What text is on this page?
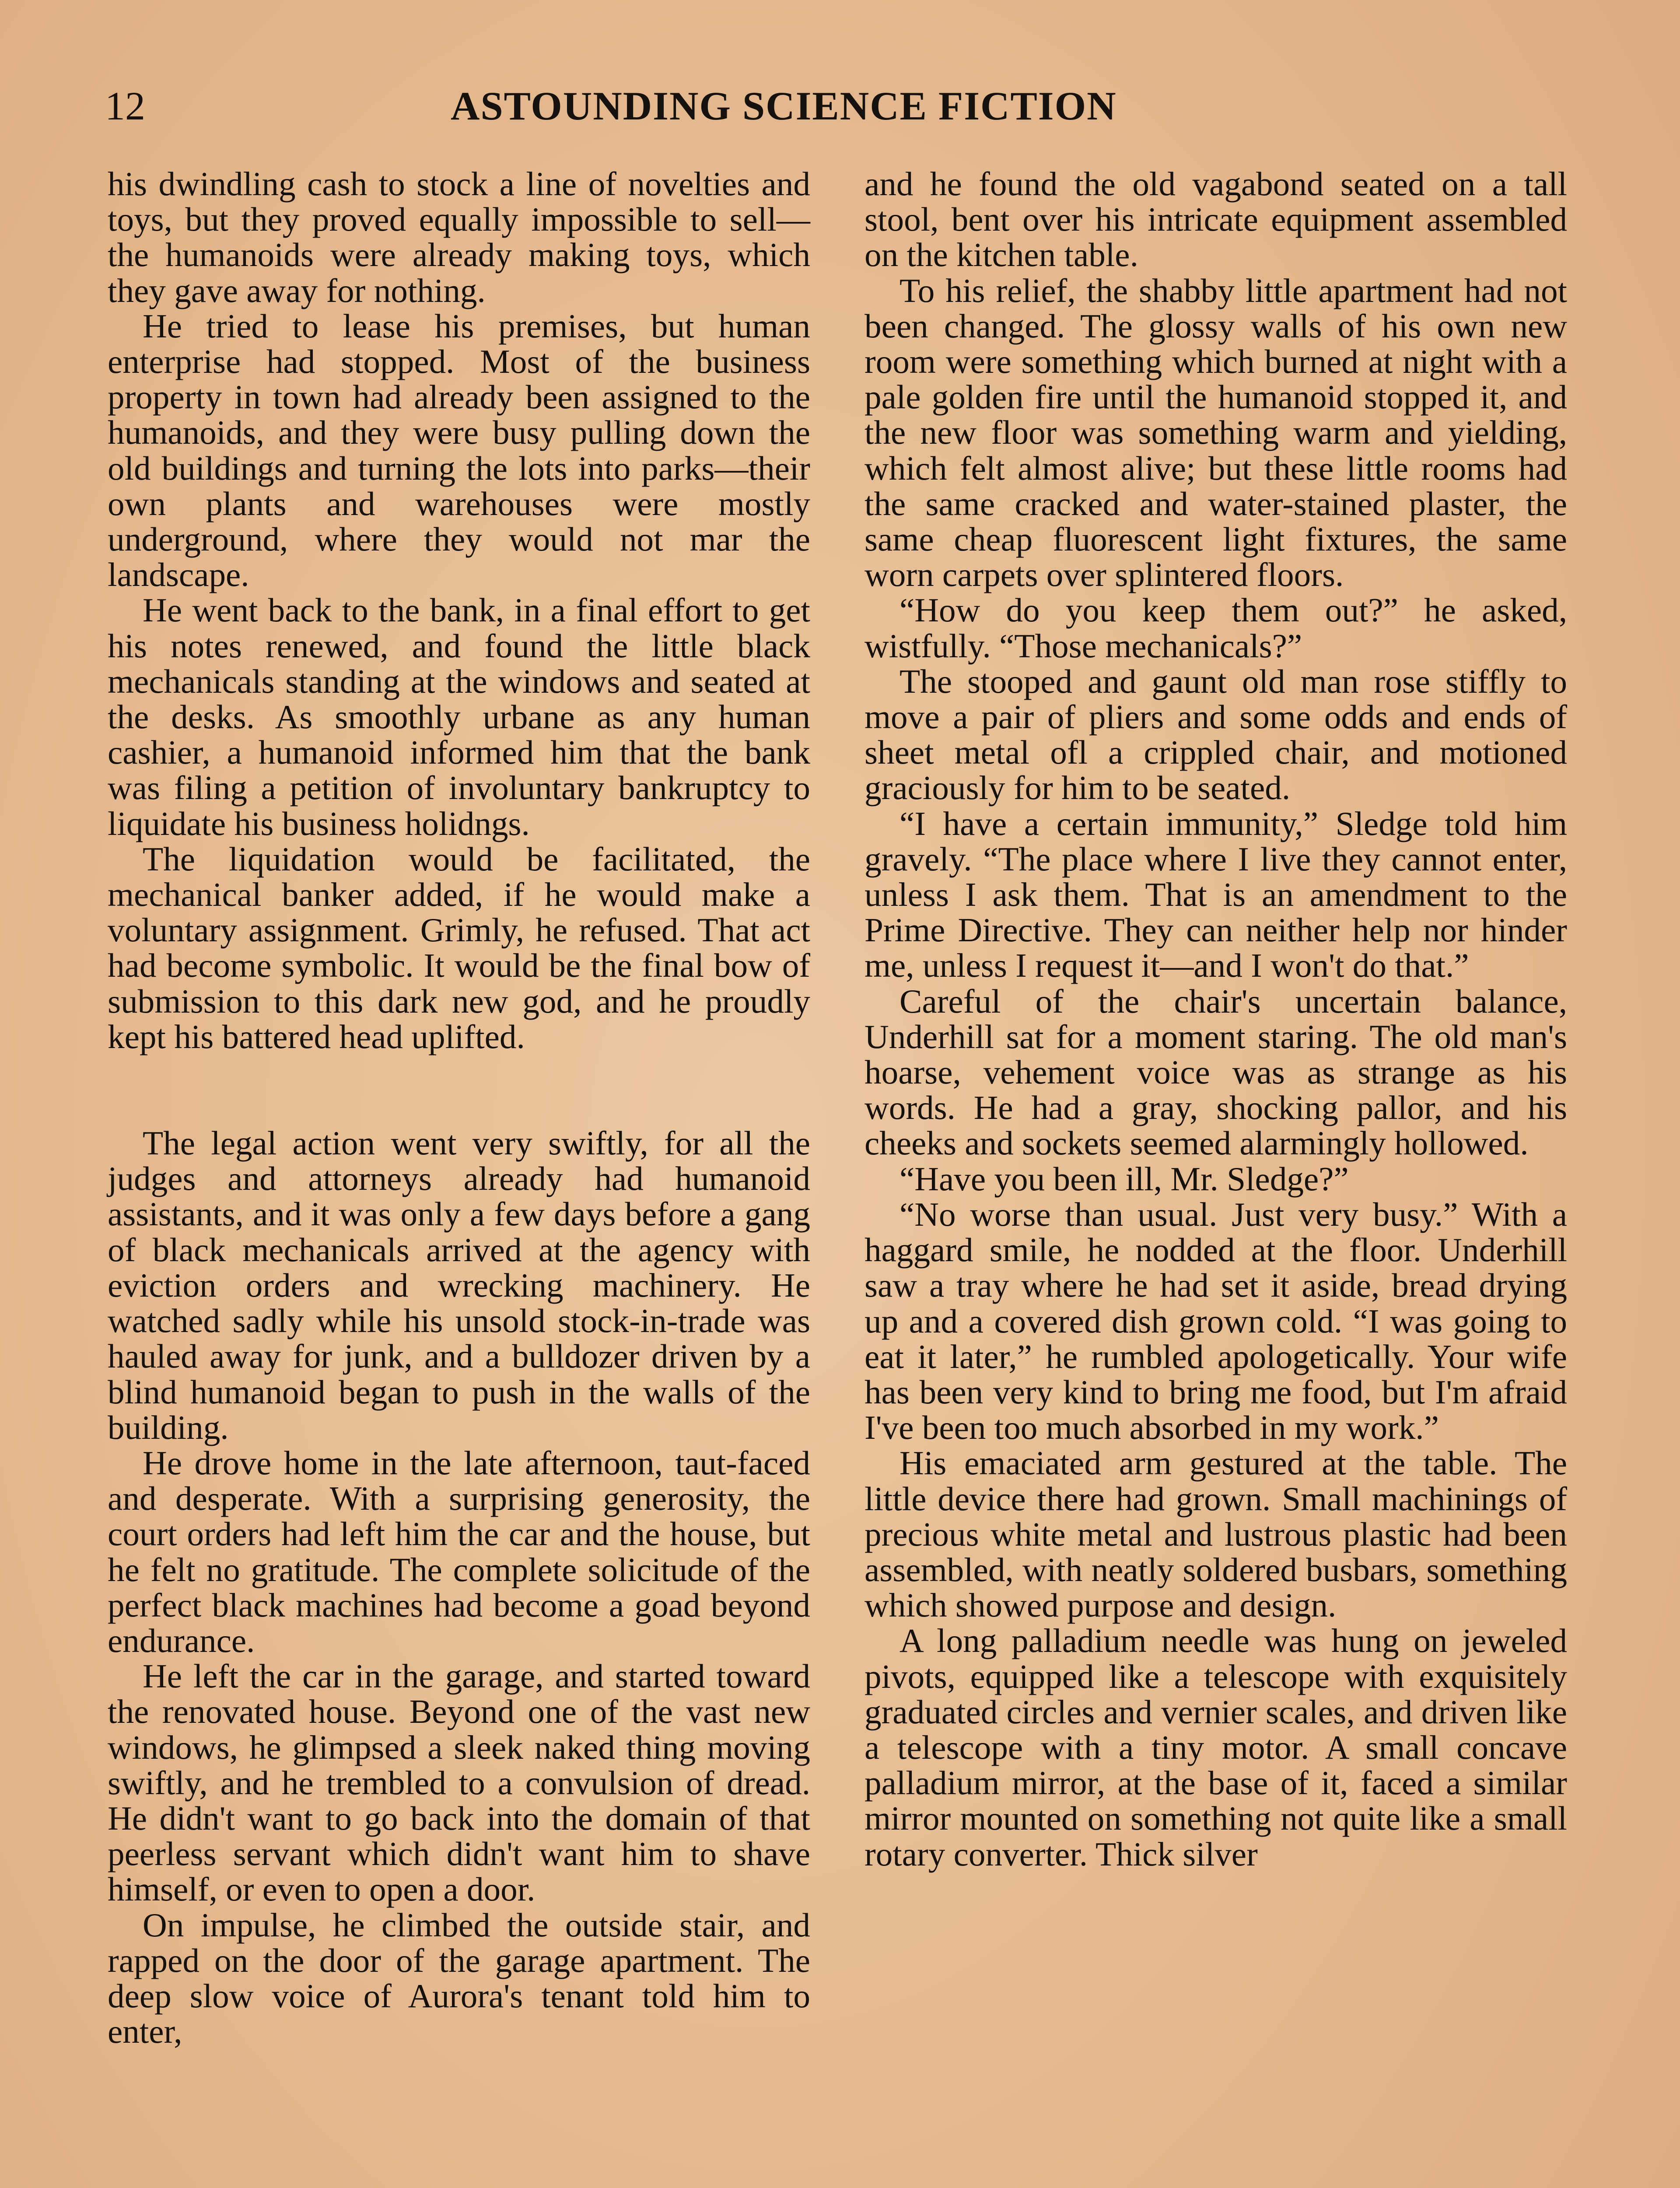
12	ASTOUNDING SCIENCE FICTION

his dwindling cash to stock a line of novelties and toys, but they proved equally impossible to sell—the humanoids were already making toys, which they gave away for nothing.

He tried to lease his premises, but human enterprise had stopped. Most of the business property in town had already been assigned to the humanoids, and they were busy pulling down the old buildings and turning the lots into parks—their own plants and warehouses were mostly underground, where they would not mar the landscape.

He went back to the bank, in a final effort to get his notes renewed, and found the little black mechanicals standing at the windows and seated at the desks. As smoothly urbane as any human cashier, a humanoid informed him that the bank was filing a petition of involuntary bankruptcy to liquidate his business holidngs.

The liquidation would be facilitated, the mechanical banker added, if he would make a voluntary assignment. Grimly, he refused. That act had become symbolic. It would be the final bow of submission to this dark new god, and he proudly kept his battered head uplifted.

The legal action went very swiftly, for all the judges and attorneys already had humanoid assistants, and it was only a few days before a gang of black mechanicals arrived at the agency with eviction orders and wrecking machinery. He watched sadly while his unsold stock-in-trade was hauled away for junk, and a bulldozer driven by a blind humanoid began to push in the walls of the building.

He drove home in the late afternoon, taut-faced and desperate. With a surprising generosity, the court orders had left him the car and the house, but he felt no gratitude. The complete solicitude of the perfect black machines had become a goad beyond endurance.

He left the car in the garage, and started toward the renovated house. Beyond one of the vast new windows, he glimpsed a sleek naked thing moving swiftly, and he trembled to a convulsion of dread. He didn't want to go back into the domain of that peerless servant which didn't want him to shave himself, or even to open a door.

On impulse, he climbed the outside stair, and rapped on the door of the garage apartment. The deep slow voice of Aurora's tenant told him to enter,

and he found the old vagabond seated on a tall stool, bent over his intricate equipment assembled on the kitchen table.

To his relief, the shabby little apartment had not been changed. The glossy walls of his own new room were something which burned at night with a pale golden fire until the humanoid stopped it, and the new floor was something warm and yielding, which felt almost alive; but these little rooms had the same cracked and water-stained plaster, the same cheap fluorescent light fixtures, the same worn carpets over splintered floors.

“How do you keep them out?” he asked, wistfully. “Those mechanicals?”

The stooped and gaunt old man rose stiffly to move a pair of pliers and some odds and ends of sheet metal ofl a crippled chair, and motioned graciously for him to be seated.

“I have a certain immunity,” Sledge told him gravely. “The place where I live they cannot enter, unless I ask them. That is an amendment to the Prime Directive. They can neither help nor hinder me, unless I request it—and I won't do that.”

Careful of the chair's uncertain balance, Underhill sat for a moment staring. The old man's hoarse, vehement voice was as strange as his words. He had a gray, shocking pallor, and his cheeks and sockets seemed alarmingly hollowed.

“Have you been ill, Mr. Sledge?”

“No worse than usual. Just very busy.” With a haggard smile, he nodded at the floor. Underhill saw a tray where he had set it aside, bread drying up and a covered dish grown cold. “I was going to eat it later,” he rumbled apologetically. Your wife has been very kind to bring me food, but I'm afraid I've been too much absorbed in my work.”

His emaciated arm gestured at the table. The little device there had grown. Small machinings of precious white metal and lustrous plastic had been assembled, with neatly soldered busbars, something which showed purpose and design.

A long palladium needle was hung on jeweled pivots, equipped like a telescope with exquisitely graduated circles and vernier scales, and driven like a telescope with a tiny motor. A small concave palladium mirror, at the base of it, faced a similar mirror mounted on something not quite like a small rotary converter. Thick silver
